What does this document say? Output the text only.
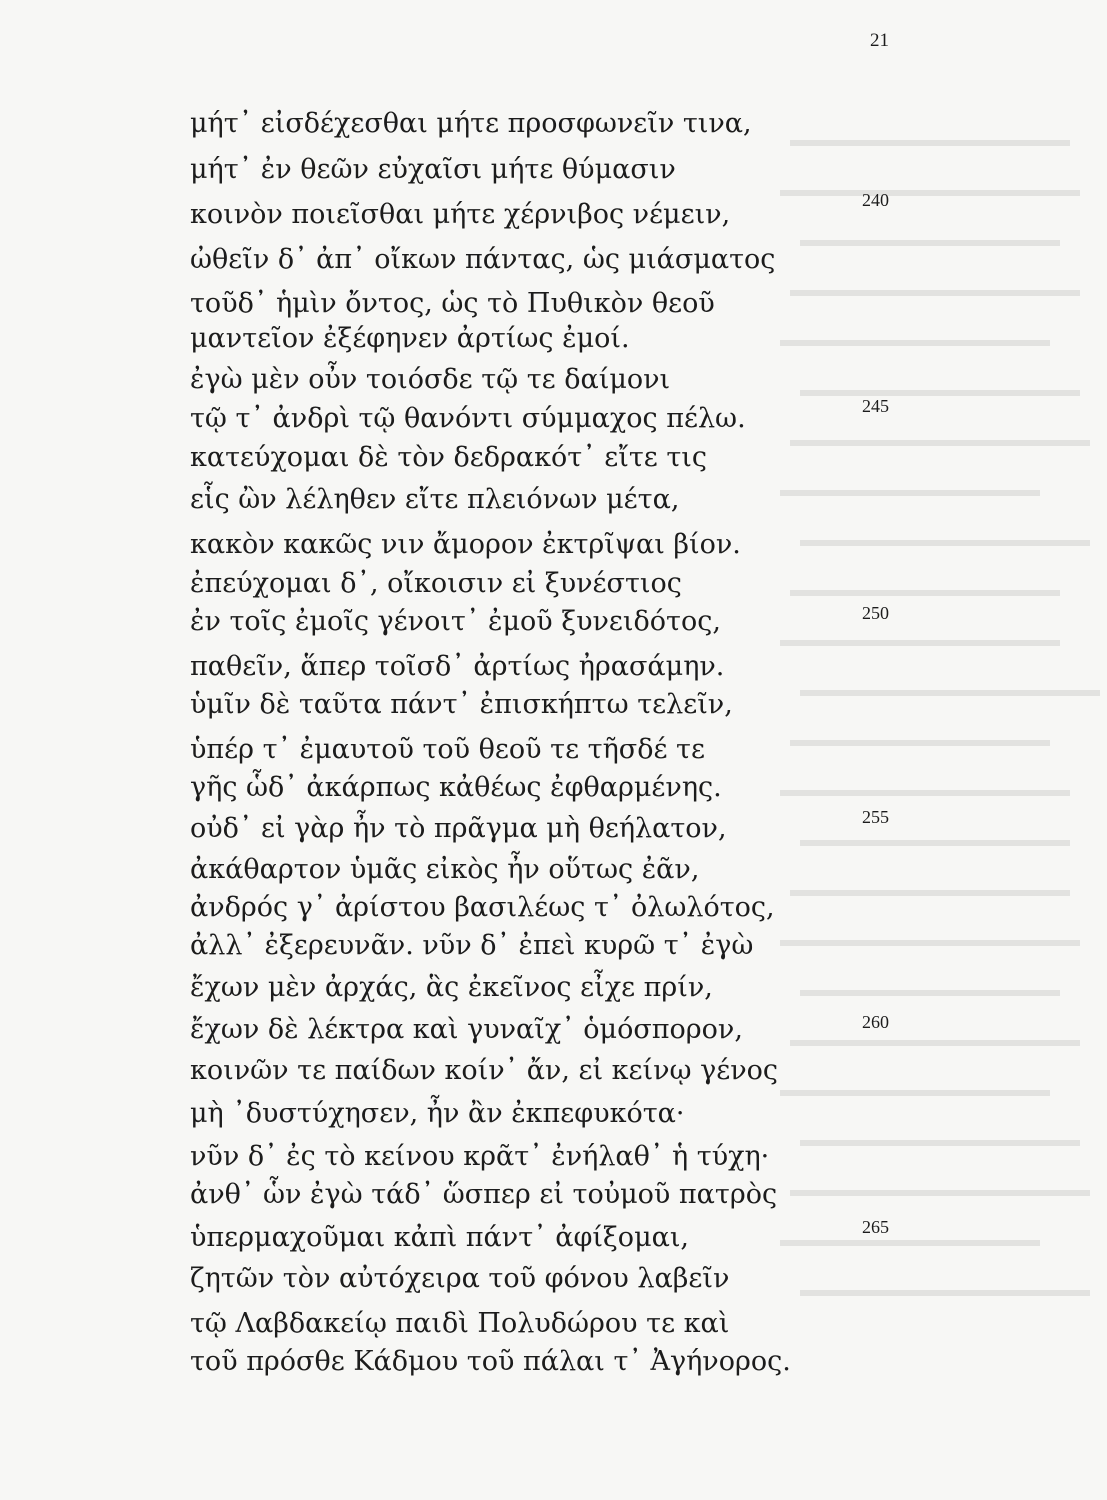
21
μήτ᾽ εἰσδέχεσθαι μήτε προσφωνεῖν τινα,
μήτ᾽ ἐν θεῶν εὐχαῖσι μήτε θύμασιν
κοινὸν ποιεῖσθαι μήτε χέρνιβος νέμειν,
ὠθεῖν δ᾽ ἀπ᾽ οἴκων πάντας, ὡς μιάσματος
τοῦδ᾽ ἡμὶν ὄντος, ὡς τὸ Πυθικὸν θεοῦ
μαντεῖον ἐξέφηνεν ἀρτίως ἐμοί.
ἐγὼ μὲν οὖν τοιόσδε τῷ τε δαίμονι
τῷ τ᾽ ἀνδρὶ τῷ θανόντι σύμμαχος πέλω.
κατεύχομαι δὲ τὸν δεδρακότ᾽ εἴτε τις
εἷς ὢν λέληθεν εἴτε πλειόνων μέτα,
κακὸν κακῶς νιν ἄμορον ἐκτρῖψαι βίον.
ἐπεύχομαι δ᾽, οἴκοισιν εἰ ξυνέστιος
ἐν τοῖς ἐμοῖς γένοιτ᾽ ἐμοῦ ξυνειδότος,
παθεῖν, ἅπερ τοῖσδ᾽ ἀρτίως ἠρασάμην.
ὑμῖν δὲ ταῦτα πάντ᾽ ἐπισκήπτω τελεῖν,
ὑπέρ τ᾽ ἐμαυτοῦ τοῦ θεοῦ τε τῆσδέ τε
γῆς ὧδ᾽ ἀκάρπως κἀθέως ἐφθαρμένης.
οὐδ᾽ εἰ γὰρ ἦν τὸ πρᾶγμα μὴ θεήλατον,
ἀκάθαρτον ὑμᾶς εἰκὸς ἦν οὕτως ἐᾶν,
ἀνδρός γ᾽ ἀρίστου βασιλέως τ᾽ ὀλωλότος,
ἀλλ᾽ ἐξερευνᾶν. νῦν δ᾽ ἐπεὶ κυρῶ τ᾽ ἐγὼ
ἔχων μὲν ἀρχάς, ἃς ἐκεῖνος εἶχε πρίν,
ἔχων δὲ λέκτρα καὶ γυναῖχ᾽ ὁμόσπορον,
κοινῶν τε παίδων κοίν᾽ ἄν, εἰ κείνῳ γένος
μὴ ᾽δυστύχησεν, ἦν ἂν ἐκπεφυκότα·
νῦν δ᾽ ἐς τὸ κείνου κρᾶτ᾽ ἐνήλαθ᾽ ἡ τύχη·
ἀνθ᾽ ὧν ἐγὼ τάδ᾽ ὥσπερ εἰ τοὐμοῦ πατρὸς
ὑπερμαχοῦμαι κἀπὶ πάντ᾽ ἀφίξομαι,
ζητῶν τὸν αὐτόχειρα τοῦ φόνου λαβεῖν
τῷ Λαβδακείῳ παιδὶ Πολυδώρου τε καὶ
τοῦ πρόσθε Κάδμου τοῦ πάλαι τ᾽ Ἀγήνορος.
240
245
250
255
260
265
